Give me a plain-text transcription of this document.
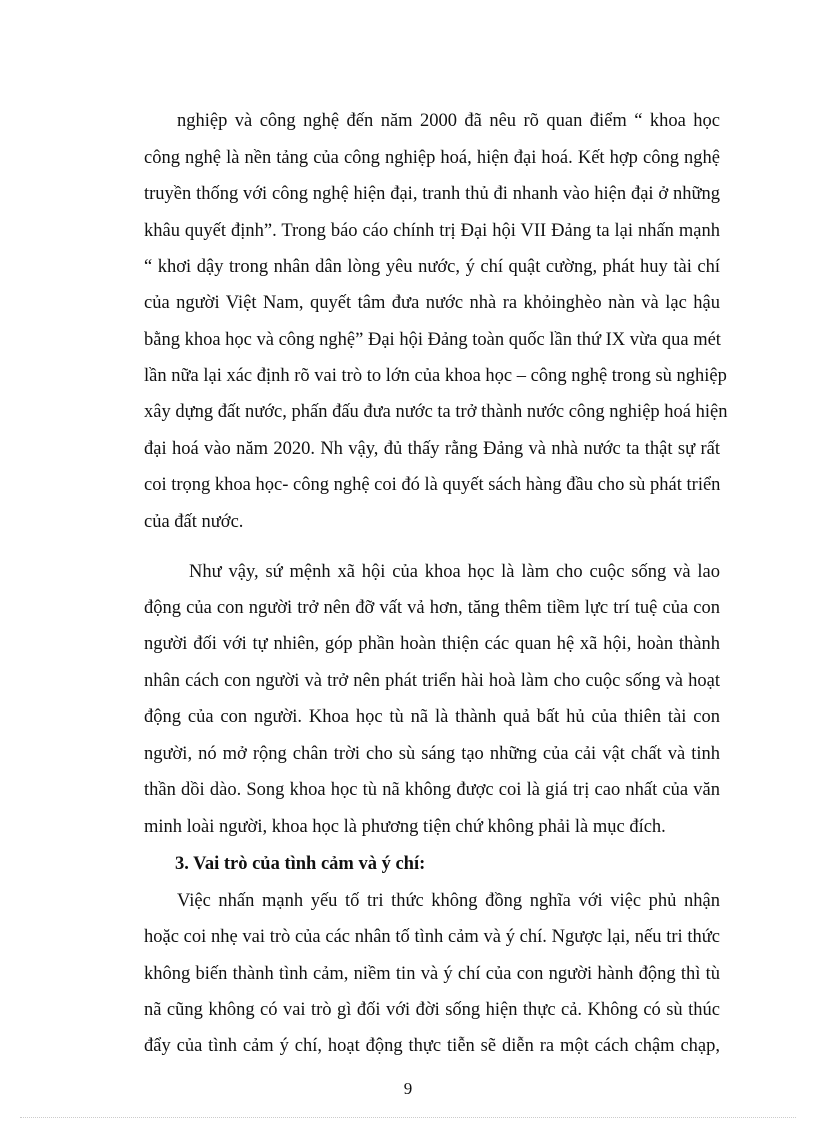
nghiệp và công nghệ đến năm 2000 đã nêu rõ quan điểm “ khoa học
công nghệ là nền tảng của công nghiệp hoá, hiện đại hoá. Kết hợp công nghệ
truyền thống với công nghệ hiện đại, tranh thủ đi nhanh vào hiện đại ở những
khâu quyết định”. Trong báo cáo chính trị Đại hội VII Đảng ta lại nhấn mạnh
“ khơi dậy trong nhân dân lòng yêu nước, ý chí quật cường, phát huy tài chí
của người Việt Nam, quyết tâm đưa nước nhà ra khỏinghèo nàn và lạc hậu
bằng khoa học và công nghệ” Đại hội Đảng toàn quốc lần thứ IX vừa qua mét
lần nữa lại xác định rõ vai trò to lớn của khoa học – công nghệ trong sù nghiệp
xây dựng đất nước, phấn đấu đưa nước ta trở thành nước công nghiệp hoá hiện
đại hoá vào năm 2020. Nh vậy, đủ thấy rằng Đảng và nhà nước ta thật sự rất
coi trọng khoa học- công nghệ coi đó là quyết sách hàng đầu cho sù phát triển
của đất nước.
Như vậy, sứ mệnh xã hội của khoa học là làm cho cuộc sống và lao
động của con người trở nên đỡ vất vả hơn, tăng thêm tiềm lực trí tuệ của con
người đối với tự nhiên, góp phần hoàn thiện các quan hệ xã hội, hoàn thành
nhân cách con người và trở nên phát triển hài hoà làm cho cuộc sống và hoạt
động của con người. Khoa học tù nã là thành quả bất hủ của thiên tài con
người, nó mở rộng chân trời cho sù sáng tạo những của cải vật chất và tinh
thần dồi dào. Song khoa học tù nã không được coi là giá trị cao nhất của văn
minh loài người, khoa học là phương tiện chứ không phải là mục đích.
3. Vai trò của tình cảm và ý chí:
Việc nhấn mạnh yếu tố tri thức không đồng nghĩa với việc phủ nhận
hoặc coi nhẹ vai trò của các nhân tố tình cảm và ý chí. Ngược lại, nếu tri thức
không biến thành tình cảm, niềm tin và ý chí của con người hành động thì tù
nã cũng không có vai trò gì đối với đời sống hiện thực cả. Không có sù thúc
đẩy của tình cảm ý chí, hoạt động thực tiễn sẽ diễn ra một cách chậm chạp,
9
